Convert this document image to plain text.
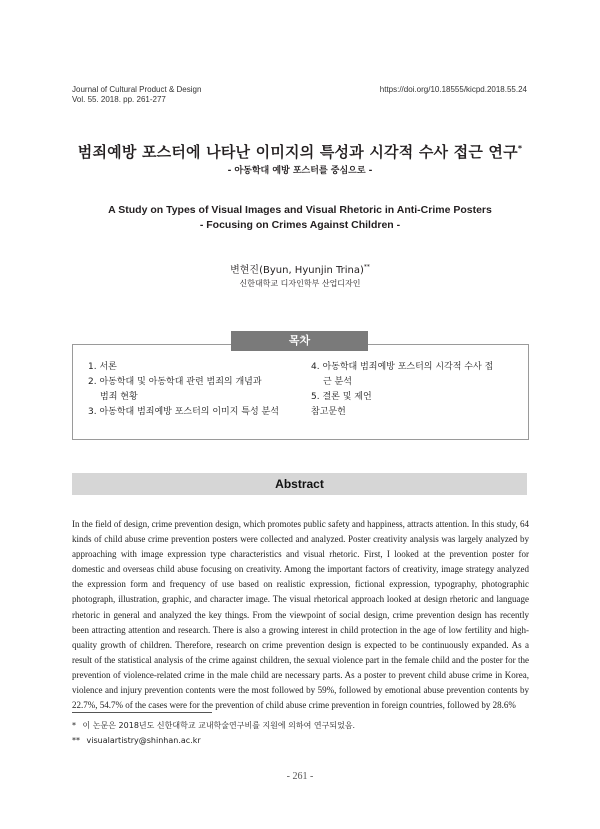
Journal of Cultural Product & Design
Vol. 55. 2018. pp. 261-277
https://doi.org/10.18555/kicpd.2018.55.24
범죄예방 포스터에 나타난 이미지의 특성과 시각적 수사 접근 연구*
- 아동학대 예방 포스터를 중심으로 -
A Study on Types of Visual Images and Visual Rhetoric in Anti-Crime Posters
- Focusing on Crimes Against Children -
변현진(Byun, Hyunjin Trina)**
신한대학교 디자인학부 산업디자인
목차
1. 서론
2. 아동학대 및 아동학대 관련 범죄의 개념과
범죄 현황
3. 아동학대 범죄예방 포스터의 이미지 특성 분석
4. 아동학대 범죄예방 포스터의 시각적 수사 접
근 분석
5. 결론 및 제언
참고문헌
Abstract
In the field of design, crime prevention design, which promotes public safety and happiness, attracts attention. In this study, 64 kinds of child abuse crime prevention posters were collected and analyzed. Poster creativity analysis was largely analyzed by approaching with image expression type characteristics and visual rhetoric. First, I looked at the prevention poster for domestic and overseas child abuse focusing on creativity. Among the important factors of creativity, image strategy analyzed the expression form and frequency of use based on realistic expression, fictional expression, typography, photographic photograph, illustration, graphic, and character image. The visual rhetorical approach looked at design rhetoric and language rhetoric in general and analyzed the key things. From the viewpoint of social design, crime prevention design has recently been attracting attention and research. There is also a growing interest in child protection in the age of low fertility and high-quality growth of children. Therefore, research on crime prevention design is expected to be continuously expanded. As a result of the statistical analysis of the crime against children, the sexual violence part in the female child and the poster for the prevention of violence-related crime in the male child are necessary parts. As a poster to prevent child abuse crime in Korea, violence and injury prevention contents were the most followed by 59%, followed by emotional abuse prevention contents by 22.7%, 54.7% of the cases were for the prevention of child abuse crime prevention in foreign countries, followed by 28.6%
* 이 논문은 2018년도 신한대학교 교내학술연구비를 지원에 의하여 연구되었음.
** visualartistry@shinhan.ac.kr
- 261 -
